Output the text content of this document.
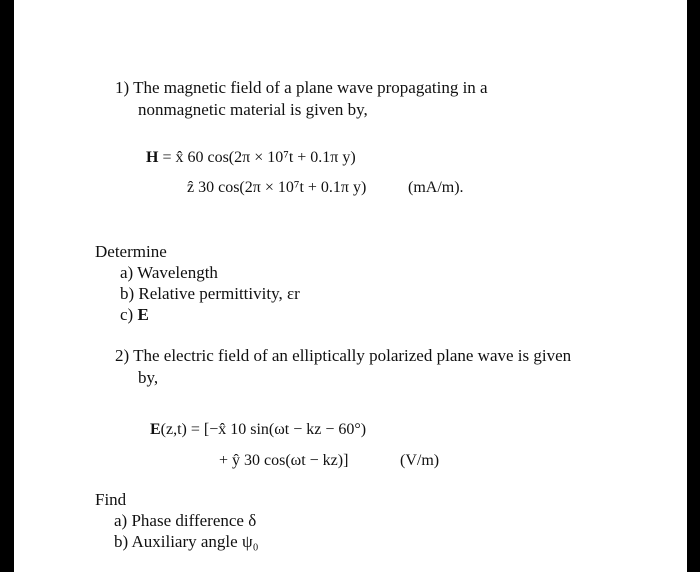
1) The magnetic field of a plane wave propagating in a
nonmagnetic material is given by,
H = x̂ 60 cos(2π × 10⁷t + 0.1π y)
ẑ 30 cos(2π × 10⁷t + 0.1π y)	(mA/m).
Determine
a) Wavelength
b) Relative permittivity, εr
c) E
2) The electric field of an elliptically polarized plane wave is given
by,
E(z,t) = [−x̂ 10 sin(ωt − kz − 60°)
+ ŷ 30 cos(ωt − kz)]	(V/m)
Find
a) Phase difference δ
b) Auxiliary angle ψ₀
